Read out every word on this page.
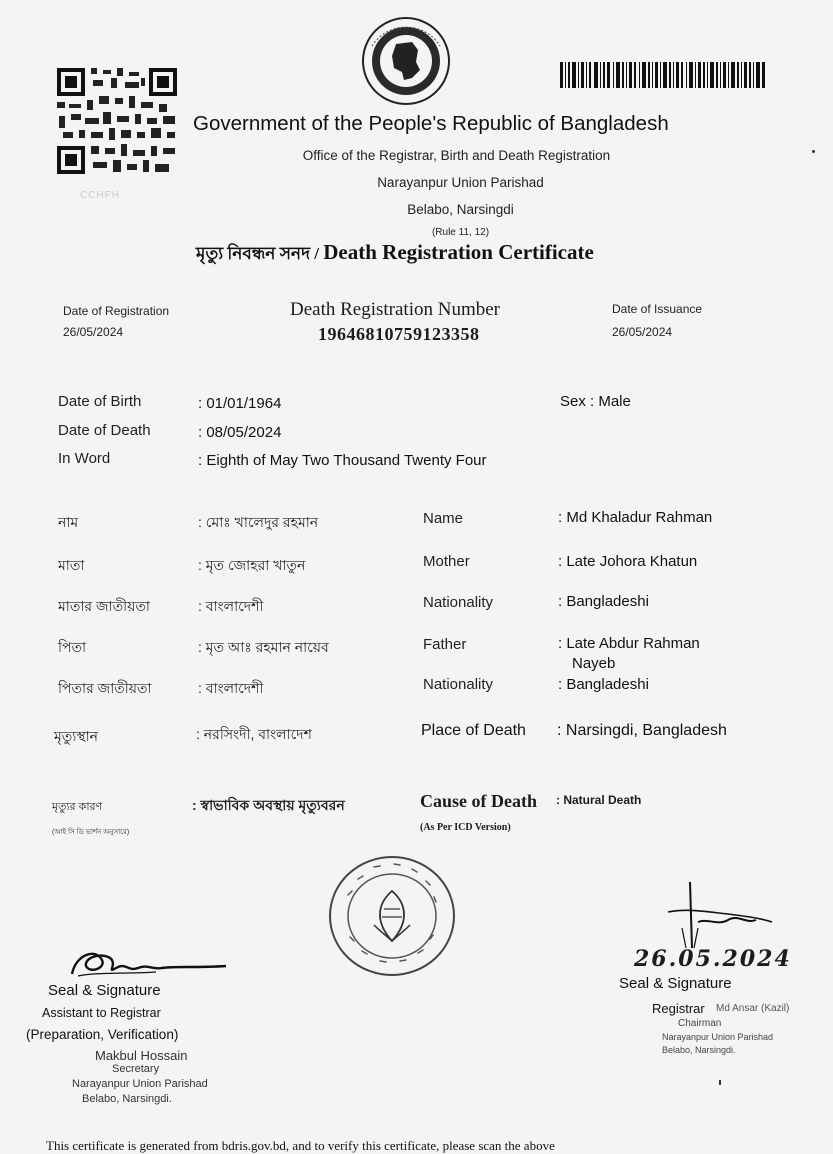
CCHFH
Government of the People's Republic of Bangladesh
Office of the Registrar, Birth and Death Registration
Narayanpur Union Parishad
Belabo, Narsingdi
(Rule 11, 12)
মৃত্যু নিবন্ধন সনদ / Death Registration Certificate
Date of Registration
26/05/2024
Death Registration Number
19646810759123358
Date of Issuance
26/05/2024
Date of Birth	: 01/01/1964	Sex : Male
Date of Death	: 08/05/2024
In Word	: Eighth of May Two Thousand Twenty Four
নাম	: মোঃ খালেদুর রহমান	Name	: Md Khaladur Rahman
মাতা	: মৃত জোহরা খাতুন	Mother	: Late Johora Khatun
মাতার জাতীয়তা	: বাংলাদেশী	Nationality	: Bangladeshi
পিতা	: মৃত আঃ রহমান নায়েব	Father	: Late Abdur Rahman
Nayeb
পিতার জাতীয়তা	: বাংলাদেশী	Nationality	: Bangladeshi
মৃত্যুস্থান	: নরসিংদী, বাংলাদেশ	Place of Death : Narsingdi, Bangladesh
মৃত্যুর কারণ
(আই সি ডি ভার্শন অনুসারে)
: স্বাভাবিক অবস্থায় মৃত্যুবরন	Cause of Death
(As Per ICD Version)
: Natural Death
Seal & Signature
Assistant to Registrar
(Preparation, Verification)
Makbul Hossain
Secretary
Narayanpur Union Parishad
Belabo, Narsingdi.
26.05.2024
Seal & Signature
Registrar Md Ansar (Kazil)
Chairman
Narayanpur Union Parishad
Belabo, Narsingdi.
This certificate is generated from bdris.gov.bd, and to verify this certificate, please scan the above
